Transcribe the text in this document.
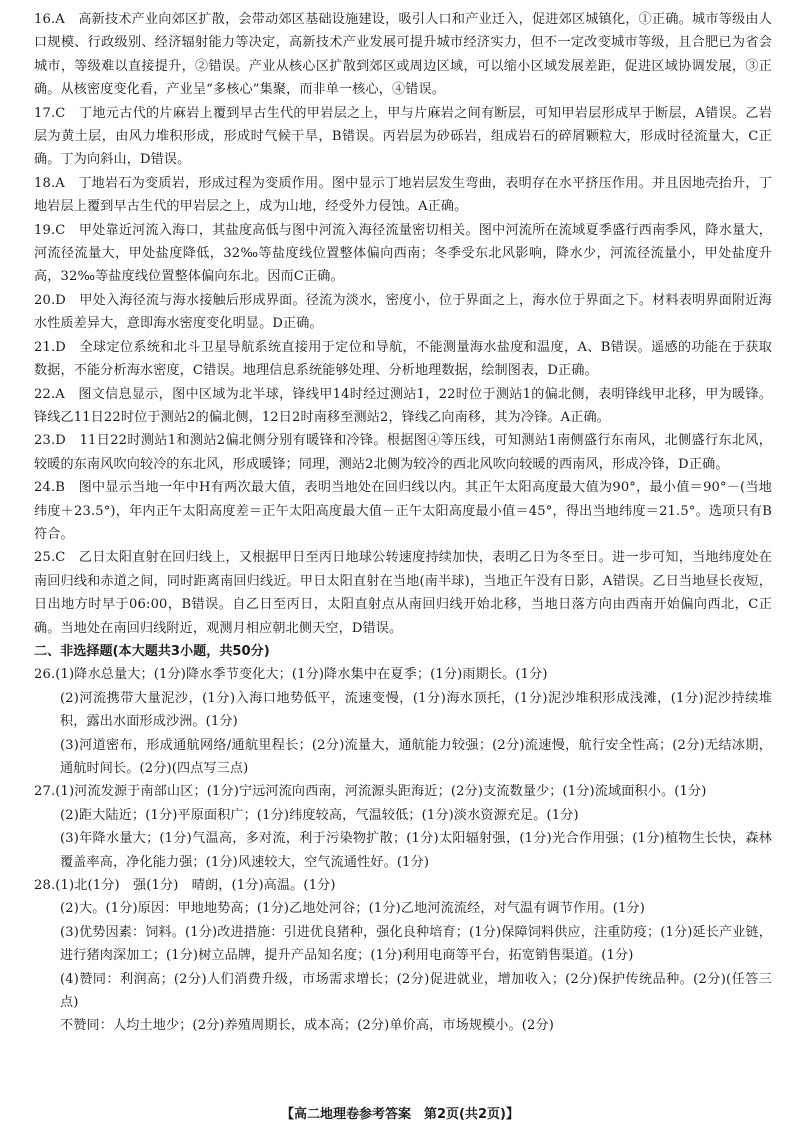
16.A　高新技术产业向郊区扩散，会带动郊区基础设施建设，吸引人口和产业迁入，促进郊区城镇化，①正确。城市等级由人口规模、行政级别、经济辐射能力等决定，高新技术产业发展可提升城市经济实力，但不一定改变城市等级，且合肥已为省会城市，等级难以直接提升，②错误。产业从核心区扩散到郊区或周边区域，可以缩小区域发展差距，促进区域协调发展，③正确。从核密度变化看，产业呈“多核心”集聚，而非单一核心，④错误。

17.C　丁地元古代的片麻岩上覆到早古生代的甲岩层之上，甲与片麻岩之间有断层，可知甲岩层形成早于断层，A错误。乙岩层为黄土层，由风力堆积形成，形成时气候干旱，B错误。丙岩层为砂砾岩，组成岩石的碎屑颗粒大，形成时径流量大，C正确。丁为向斜山，D错误。

18.A　丁地岩石为变质岩，形成过程为变质作用。图中显示丁地岩层发生弯曲，表明存在水平挤压作用。并且因地壳抬升，丁地岩层上覆到早古生代的甲岩层之上，成为山地，经受外力侵蚀。A正确。

19.C　甲处靠近河流入海口，其盐度高低与图中河流入海径流量密切相关。图中河流所在流域夏季盛行西南季风，降水量大，河流径流量大，甲处盐度降低，32‰等盐度线位置整体偏向西南；冬季受东北风影响，降水少，河流径流量小，甲处盐度升高，32‰等盐度线位置整体偏向东北。因而C正确。

20.D　甲处入海径流与海水接触后形成界面。径流为淡水，密度小，位于界面之上，海水位于界面之下。材料表明界面附近海水性质差异大，意即海水密度变化明显。D正确。

21.D　全球定位系统和北斗卫星导航系统直接用于定位和导航，不能测量海水盐度和温度，A、B错误。遥感的功能在于获取数据，不能分析海水密度，C错误。地理信息系统能够处理、分析地理数据，绘制图表，D正确。

22.A　图文信息显示，图中区域为北半球，锋线甲14时经过测站1，22时位于测站1的偏北侧，表明锋线甲北移，甲为暖锋。锋线乙11日22时位于测站2的偏北侧，12日2时南移至测站2，锋线乙向南移，其为冷锋。A正确。

23.D　11日22时测站1和测站2偏北侧分别有暖锋和冷锋。根据图④等压线，可知测站1南侧盛行东南风，北侧盛行东北风，较暖的东南风吹向较冷的东北风，形成暖锋；同理，测站2北侧为较冷的西北风吹向较暖的西南风，形成冷锋，D正确。

24.B　图中显示当地一年中H有两次最大值，表明当地处在回归线以内。其正午太阳高度最大值为90°，最小值＝90°－(当地纬度＋23.5°)，年内正午太阳高度差＝正午太阳高度最大值－正午太阳高度最小值＝45°，得出当地纬度＝21.5°。选项只有B符合。

25.C　乙日太阳直射在回归线上，又根据甲日至丙日地球公转速度持续加快，表明乙日为冬至日。进一步可知，当地纬度处在南回归线和赤道之间，同时距离南回归线近。甲日太阳直射在当地(南半球)，当地正午没有日影，A错误。乙日当地昼长夜短，日出地方时早于06:00，B错误。自乙日至丙日，太阳直射点从南回归线开始北移，当地日落方向由西南开始偏向西北，C正确。当地处在南回归线附近，观测月相应朝北侧天空，D错误。

二、非选择题(本大题共3小题，共50分)

26.(1)降水总量大；(1分)降水季节变化大；(1分)降水集中在夏季；(1分)雨期长。(1分)

(2)河流携带大量泥沙，(1分)入海口地势低平，流速变慢，(1分)海水顶托，(1分)泥沙堆积形成浅滩，(1分)泥沙持续堆积，露出水面形成沙洲。(1分)

(3)河道密布，形成通航网络/通航里程长；(2分)流量大，通航能力较强；(2分)流速慢，航行安全性高；(2分)无结冰期，通航时间长。(2分)(四点写三点)

27.(1)河流发源于南部山区；(1分)宁远河流向西南，河流源头距海近；(2分)支流数量少；(1分)流域面积小。(1分)

(2)距大陆近；(1分)平原面积广；(1分)纬度较高，气温较低；(1分)淡水资源充足。(1分)

(3)年降水量大；(1分)气温高，多对流，利于污染物扩散；(1分)太阳辐射强，(1分)光合作用强；(1分)植物生长快，森林覆盖率高，净化能力强；(1分)风速较大，空气流通性好。(1分)

28.(1)北(1分)　强(1分)　晴朗，(1分)高温。(1分)

(2)大。(1分)原因：甲地地势高；(1分)乙地处河谷；(1分)乙地河流流经，对气温有调节作用。(1分)

(3)优势因素：饲料。(1分)改进措施：引进优良猪种，强化良种培育；(1分)保障饲料供应，注重防疫；(1分)延长产业链，进行猪肉深加工；(1分)树立品牌，提升产品知名度；(1分)利用电商等平台，拓宽销售渠道。(1分)

(4)赞同：利润高；(2分)人们消费升级，市场需求增长；(2分)促进就业，增加收入；(2分)保护传统品种。(2分)(任答三点)

不赞同：人均土地少；(2分)养殖周期长，成本高；(2分)单价高，市场规模小。(2分)

【高二地理卷参考答案　第2页(共2页)】
